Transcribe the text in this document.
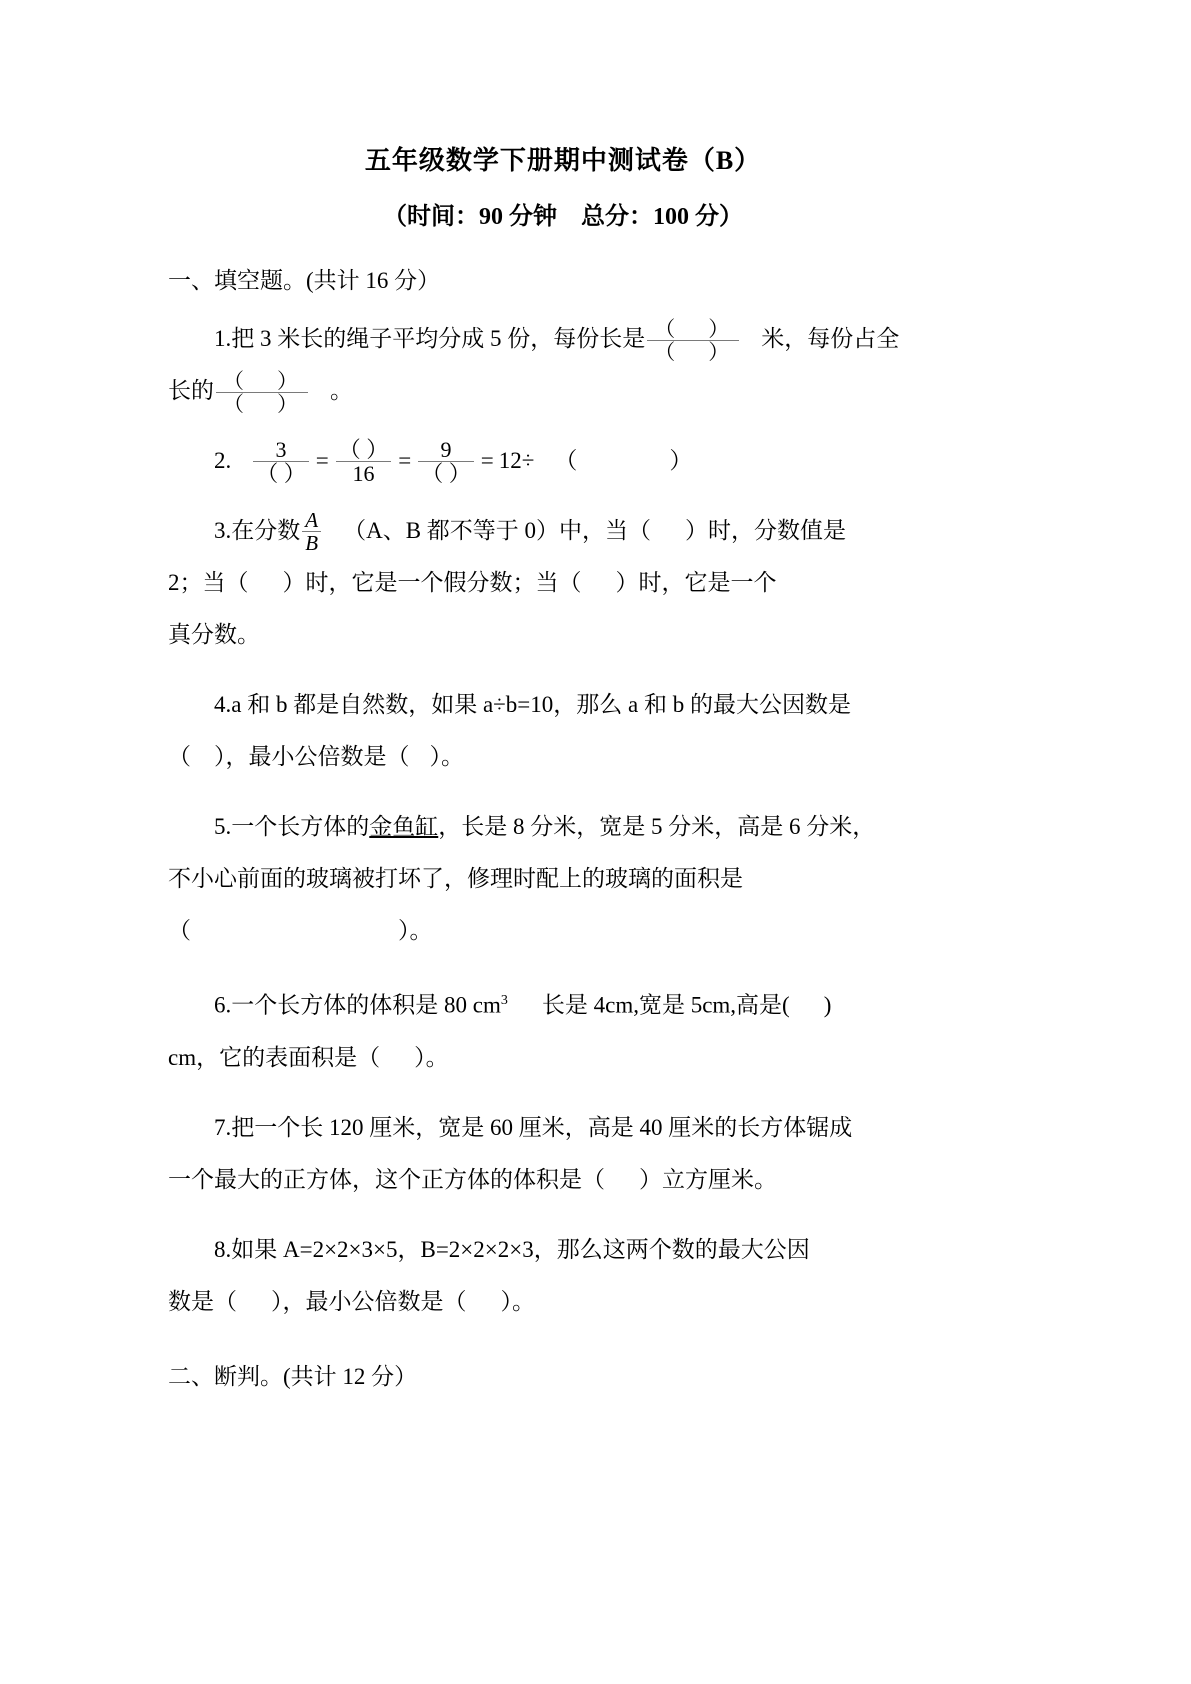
五年级数学下册期中测试卷（B）

（时间：90 分钟　总分：100 分）

一、填空题。(共计 16 分）

1.把 3 米长的绳子平均分成 5 份，每份长是 $\frac{( )}{( )}$ 米，每份占全
长的 $\frac{( )}{( )}$ 。

2. $\frac{3}{( )} = \frac{( )}{16} = \frac{9}{( )} = 12\div$ （　　　　）

3.在分数 $\frac{A}{B} (A$、B 都不等于 0）中，当（ ）时，分数值是
2；当（ ）时，它是一个假分数；当（ ）时，它是一个
真分数。

4.a 和 b 都是自然数，如果 a÷b=10，那么 a 和 b 的最大公因数是
（　），最小公倍数是（ ）。

5.一个长方体的金鱼缸，长是 8 分米，宽是 5 分米，高是 6 分米，
不小心前面的玻璃被打坏了，修理时配上的玻璃的面积是
（　　　　　　　　　）。

6.一个长方体的体积是 80 $cm^3$ 长是 4cm,宽是 5cm,高是( )
cm，它的表面积是（ ）。

7.把一个长 120 厘米，宽是 60 厘米，高是 40 厘米的长方体锯成
一个最大的正方体，这个正方体的体积是（ ）立方厘米。

8.如果 A=2×2×3×5，B=2×2×2×3，那么这两个数的最大公因
数是（ ），最小公倍数是（ ）。

二、断判。(共计 12 分）
